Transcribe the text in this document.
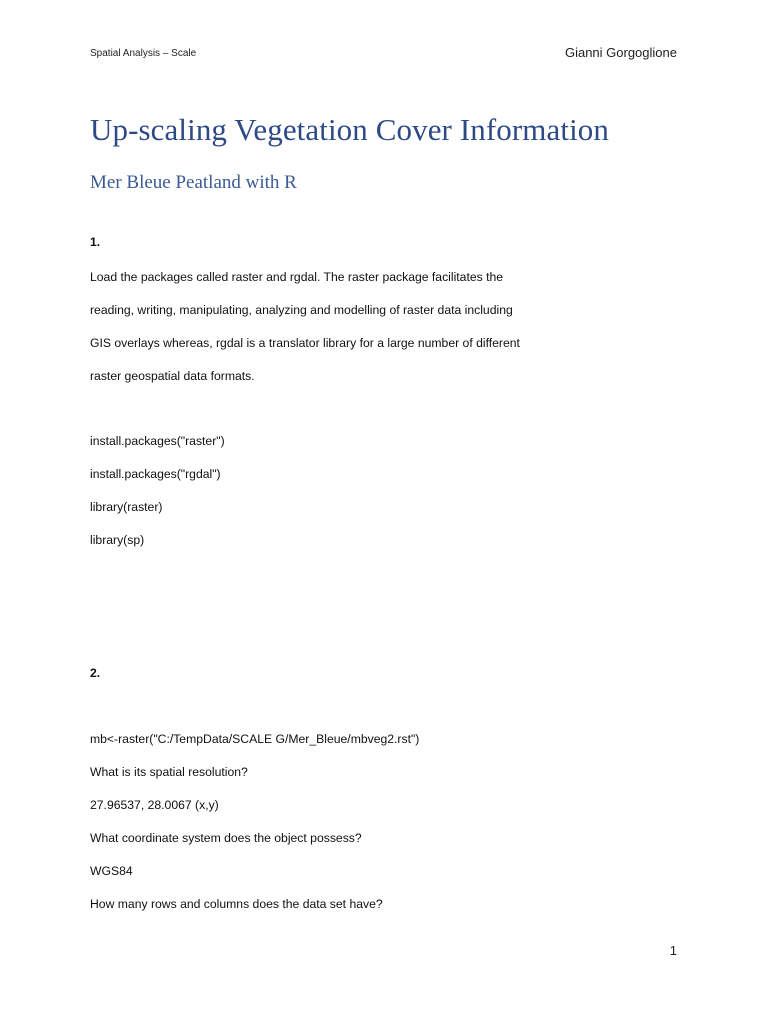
Spatial Analysis – Scale	Gianni Gorgoglione
Up-scaling Vegetation Cover Information
Mer Bleue Peatland with R
1.
Load the packages called raster and rgdal. The raster package facilitates the
reading, writing, manipulating, analyzing and modelling of raster data including
GIS overlays whereas, rgdal is a translator library for a large number of different
raster geospatial data formats.
install.packages("raster")
install.packages("rgdal")
library(raster)
library(sp)
2.
mb<-raster("C:/TempData/SCALE G/Mer_Bleue/mbveg2.rst")
What is its spatial resolution?
27.96537, 28.0067 (x,y)
What coordinate system does the object possess?
WGS84
How many rows and columns does the data set have?
1
